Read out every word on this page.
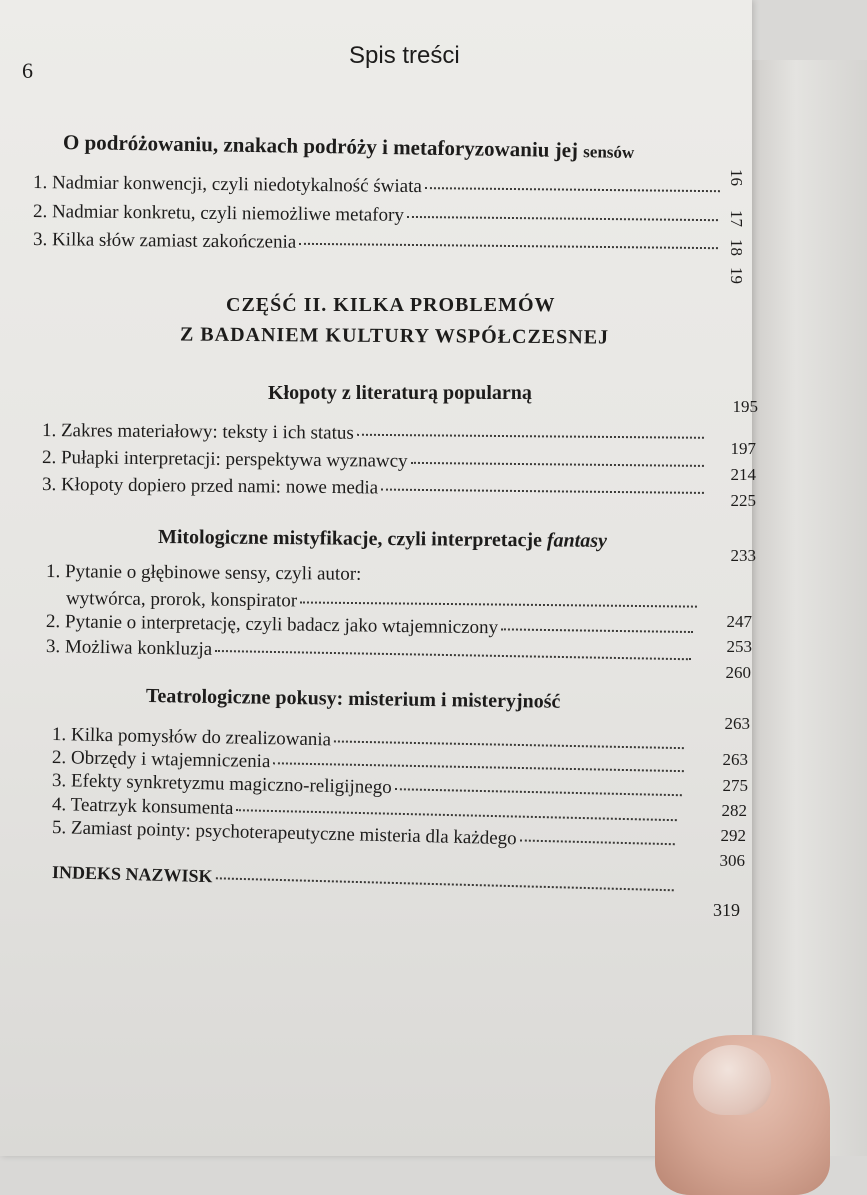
6
Spis treści
O podróżowaniu, znakach podróży i metaforyzowaniu jej sensów
16
1. Nadmiar konwencji, czyli niedotykalność świata
17
2. Nadmiar konkretu, czyli niemożliwe metafory
18
3. Kilka słów zamiast zakończenia
19
CZĘŚĆ II. KILKA PROBLEMÓW
Z BADANIEM KULTURY WSPÓŁCZESNEJ
Kłopoty z literaturą popularną
195
1. Zakres materiałowy: teksty i ich status
197
2. Pułapki interpretacji: perspektywa wyznawcy
214
3. Kłopoty dopiero przed nami: nowe media
225
Mitologiczne mistyfikacje, czyli interpretacje fantasy
233
1. Pytanie o głębinowe sensy, czyli autor:
wytwórca, prorok, konspirator
247
2. Pytanie o interpretację, czyli badacz jako wtajemniczony
253
3. Możliwa konkluzja
260
Teatrologiczne pokusy: misterium i misteryjność
263
1. Kilka pomysłów do zrealizowania
263
2. Obrzędy i wtajemniczenia
275
3. Efekty synkretyzmu magiczno-religijnego
282
4. Teatrzyk konsumenta
292
5. Zamiast pointy: psychoterapeutyczne misteria dla każdego
306
INDEKS NAZWISK
319
